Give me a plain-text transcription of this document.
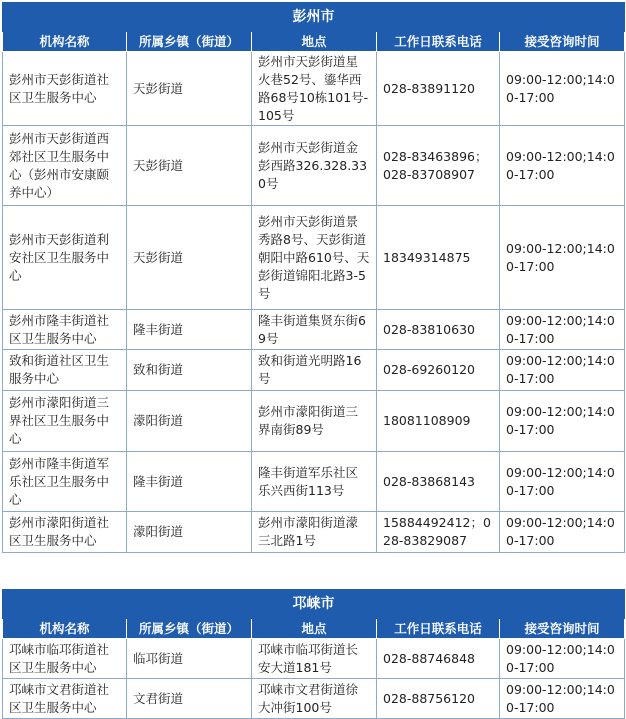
彭州市				
机构名称	所属乡镇（街道）	地点	工作日联系电话	接受咨询时间
彭州市天彭街道社区卫生服务中心	天彭街道	彭州市天彭街道星火巷52号、鎏华西路68号10栋101号-105号	028-83891120	09:00-12:00;14:00-17:00
彭州市天彭街道西郊社区卫生服务中心（彭州市安康颐养中心）	天彭街道	彭州市天彭街道金彭西路326.328.330号	028-83463896；028-83708907	09:00-12:00;14:00-17:00
彭州市天彭街道利安社区卫生服务中心	天彭街道	彭州市天彭街道景秀路8号、天彭街道朝阳中路610号、天彭街道锦阳北路3-5号	18349314875	09:00-12:00;14:00-17:00
彭州市隆丰街道社区卫生服务中心	隆丰街道	隆丰街道集贤东街69号	028-83810630	09:00-12:00;14:00-17:00
致和街道社区卫生服务中心	致和街道	致和街道光明路16号	028-69260120	09:00-12:00;14:00-17:00
彭州市濛阳街道三界社区卫生服务中心	濛阳街道	彭州市濛阳街道三界南街89号	18081108909	09:00-12:00;14:00-17:00
彭州市隆丰街道军乐社区卫生服务中心	隆丰街道	隆丰街道军乐社区乐兴西街113号	028-83868143	09:00-12:00;14:00-17:00
彭州市濛阳街道社区卫生服务中心	濛阳街道	彭州市濛阳街道濛三北路1号	15884492412；028-83829087	09:00-12:00;14:00-17:00
邛崃市				
机构名称	所属乡镇（街道）	地点	工作日联系电话	接受咨询时间
邛崃市临邛街道社区卫生服务中心	临邛街道	邛崃市临邛街道长安大道181号	028-88746848	09:00-12:00;14:00-17:00
邛崃市文君街道社区卫生服务中心	文君街道	邛崃市文君街道徐大冲街100号	028-88756120	09:00-12:00;14:00-17:00
